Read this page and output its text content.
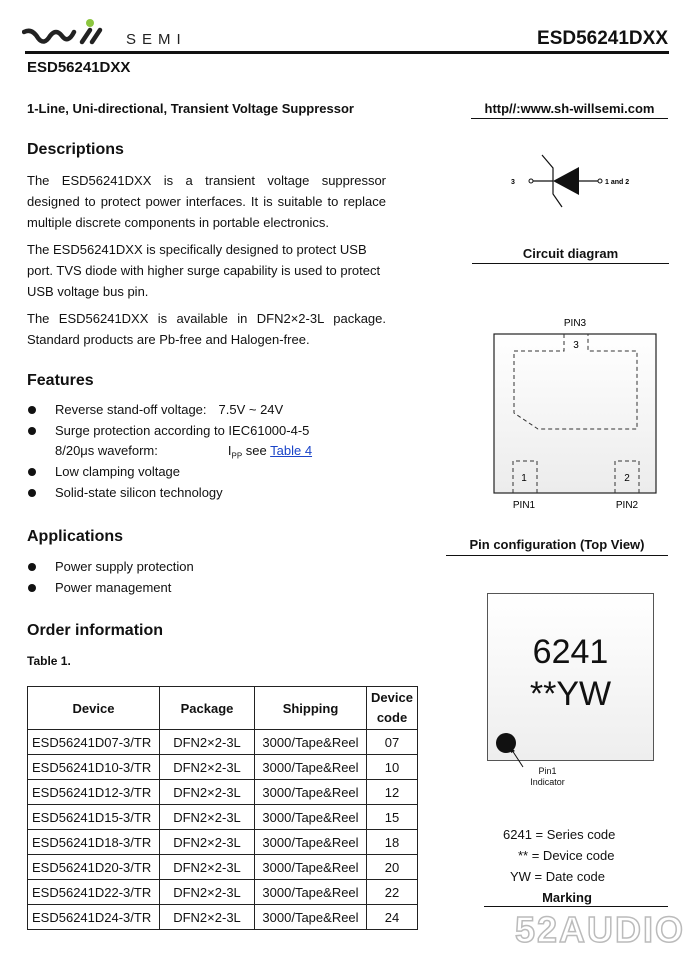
SEMI	ESD56241DXX
ESD56241DXX
1-Line, Uni-directional, Transient Voltage Suppressor	http//:www.sh-willsemi.com
Descriptions

The ESD56241DXX is a transient voltage suppressor designed to protect power interfaces. It is suitable to replace multiple discrete components in portable electronics.

The ESD56241DXX is specifically designed to protect USB port. TVS diode with higher surge capability is used to protect USB voltage bus pin.

The ESD56241DXX is available in DFN2×2-3L package. Standard products are Pb-free and Halogen-free.

Features
Reverse stand-off voltage: 7.5V ~ 24V
Surge protection according to IEC61000-4-5
8/20μs waveform:	$I_{PP}$ see Table 4
Low clamping voltage
Solid-state silicon technology
Applications
Power supply protection
Power management
Order information
Table 1.
Device	Package	Shipping	Device code
ESD56241D07-3/TR	DFN2×2-3L	3000/Tape&Reel	07
ESD56241D10-3/TR	DFN2×2-3L	3000/Tape&Reel	10
ESD56241D12-3/TR	DFN2×2-3L	3000/Tape&Reel	12
ESD56241D15-3/TR	DFN2×2-3L	3000/Tape&Reel	15
ESD56241D18-3/TR	DFN2×2-3L	3000/Tape&Reel	18
ESD56241D20-3/TR	DFN2×2-3L	3000/Tape&Reel	20
ESD56241D22-3/TR	DFN2×2-3L	3000/Tape&Reel	22
ESD56241D24-3/TR	DFN2×2-3L	3000/Tape&Reel	24
3	1 and 2
Circuit diagram
PIN3
3
1	2
PIN1	PIN2
Pin configuration (Top View)
6241
**YW
Pin1
Indicator
6241 = Series code
** = Device code
YW = Date code
Marking
52AUDIO
